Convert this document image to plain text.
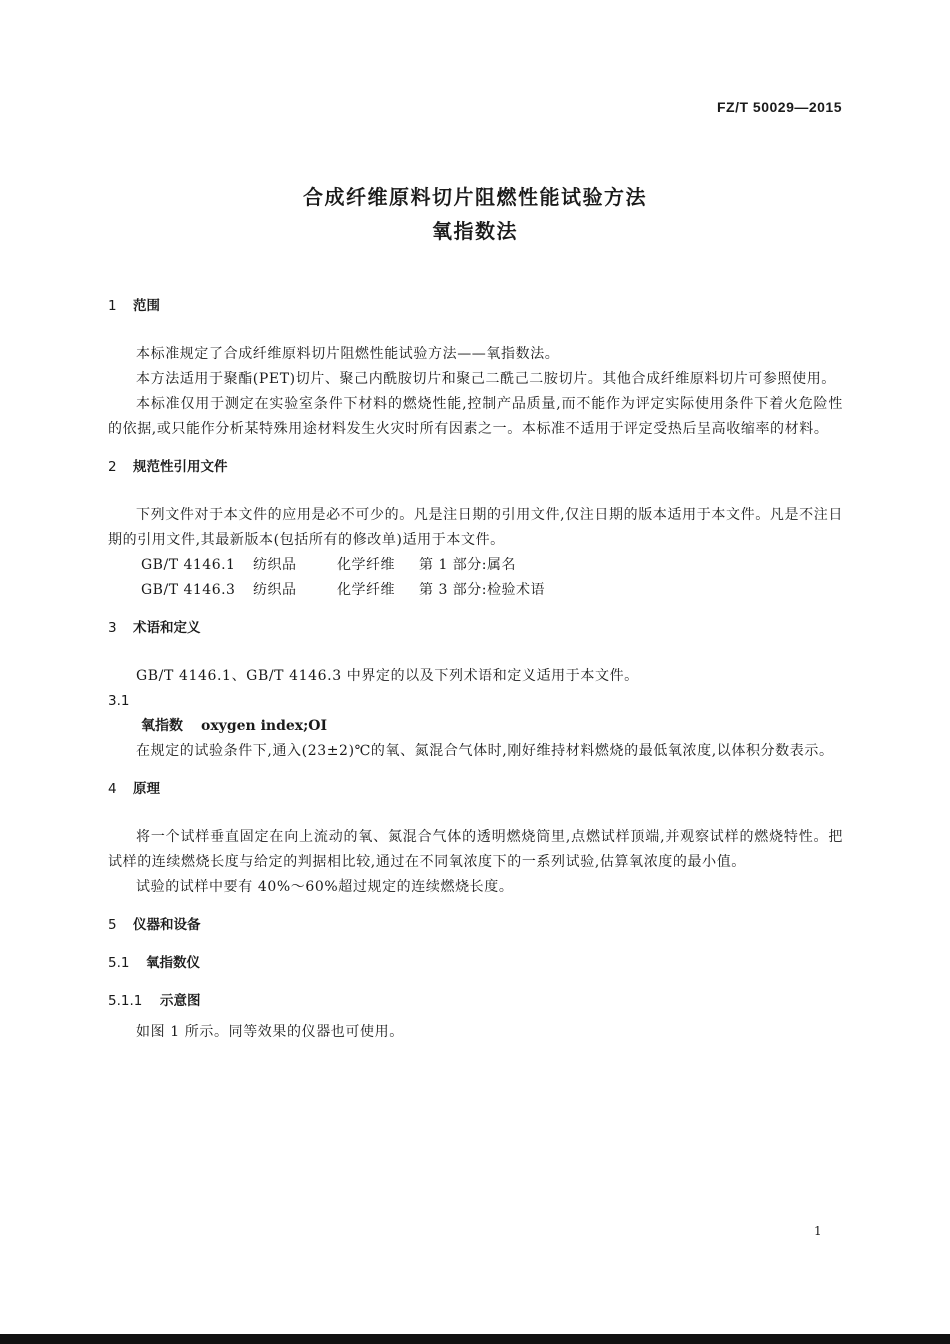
FZ/T 50029—2015
合成纤维原料切片阻燃性能试验方法
氧指数法
1 范围
本标准规定了合成纤维原料切片阻燃性能试验方法——氧指数法。
本方法适用于聚酯(PET)切片、聚己内酰胺切片和聚己二酰己二胺切片。其他合成纤维原料切片可参照使用。
本标准仅用于测定在实验室条件下材料的燃烧性能,控制产品质量,而不能作为评定实际使用条件下着火危险性的依据,或只能作分析某特殊用途材料发生火灾时所有因素之一。本标准不适用于评定受热后呈高收缩率的材料。
2 规范性引用文件
下列文件对于本文件的应用是必不可少的。凡是注日期的引用文件,仅注日期的版本适用于本文件。凡是不注日期的引用文件,其最新版本(包括所有的修改单)适用于本文件。
GB/T 4146.1 纺织品	化学纤维 第 1 部分:属名
GB/T 4146.3 纺织品	化学纤维 第 3 部分:检验术语
3 术语和定义
GB/T 4146.1、GB/T 4146.3 中界定的以及下列术语和定义适用于本文件。
3.1
氧指数 oxygen index;OI
在规定的试验条件下,通入(23±2)℃的氧、氮混合气体时,刚好维持材料燃烧的最低氧浓度,以体积分数表示。
4 原理
将一个试样垂直固定在向上流动的氧、氮混合气体的透明燃烧筒里,点燃试样顶端,并观察试样的燃烧特性。把试样的连续燃烧长度与给定的判据相比较,通过在不同氧浓度下的一系列试验,估算氧浓度的最小值。
试验的试样中要有 40%～60%超过规定的连续燃烧长度。
5 仪器和设备
5.1 氧指数仪
5.1.1 示意图
如图 1 所示。同等效果的仪器也可使用。
1
